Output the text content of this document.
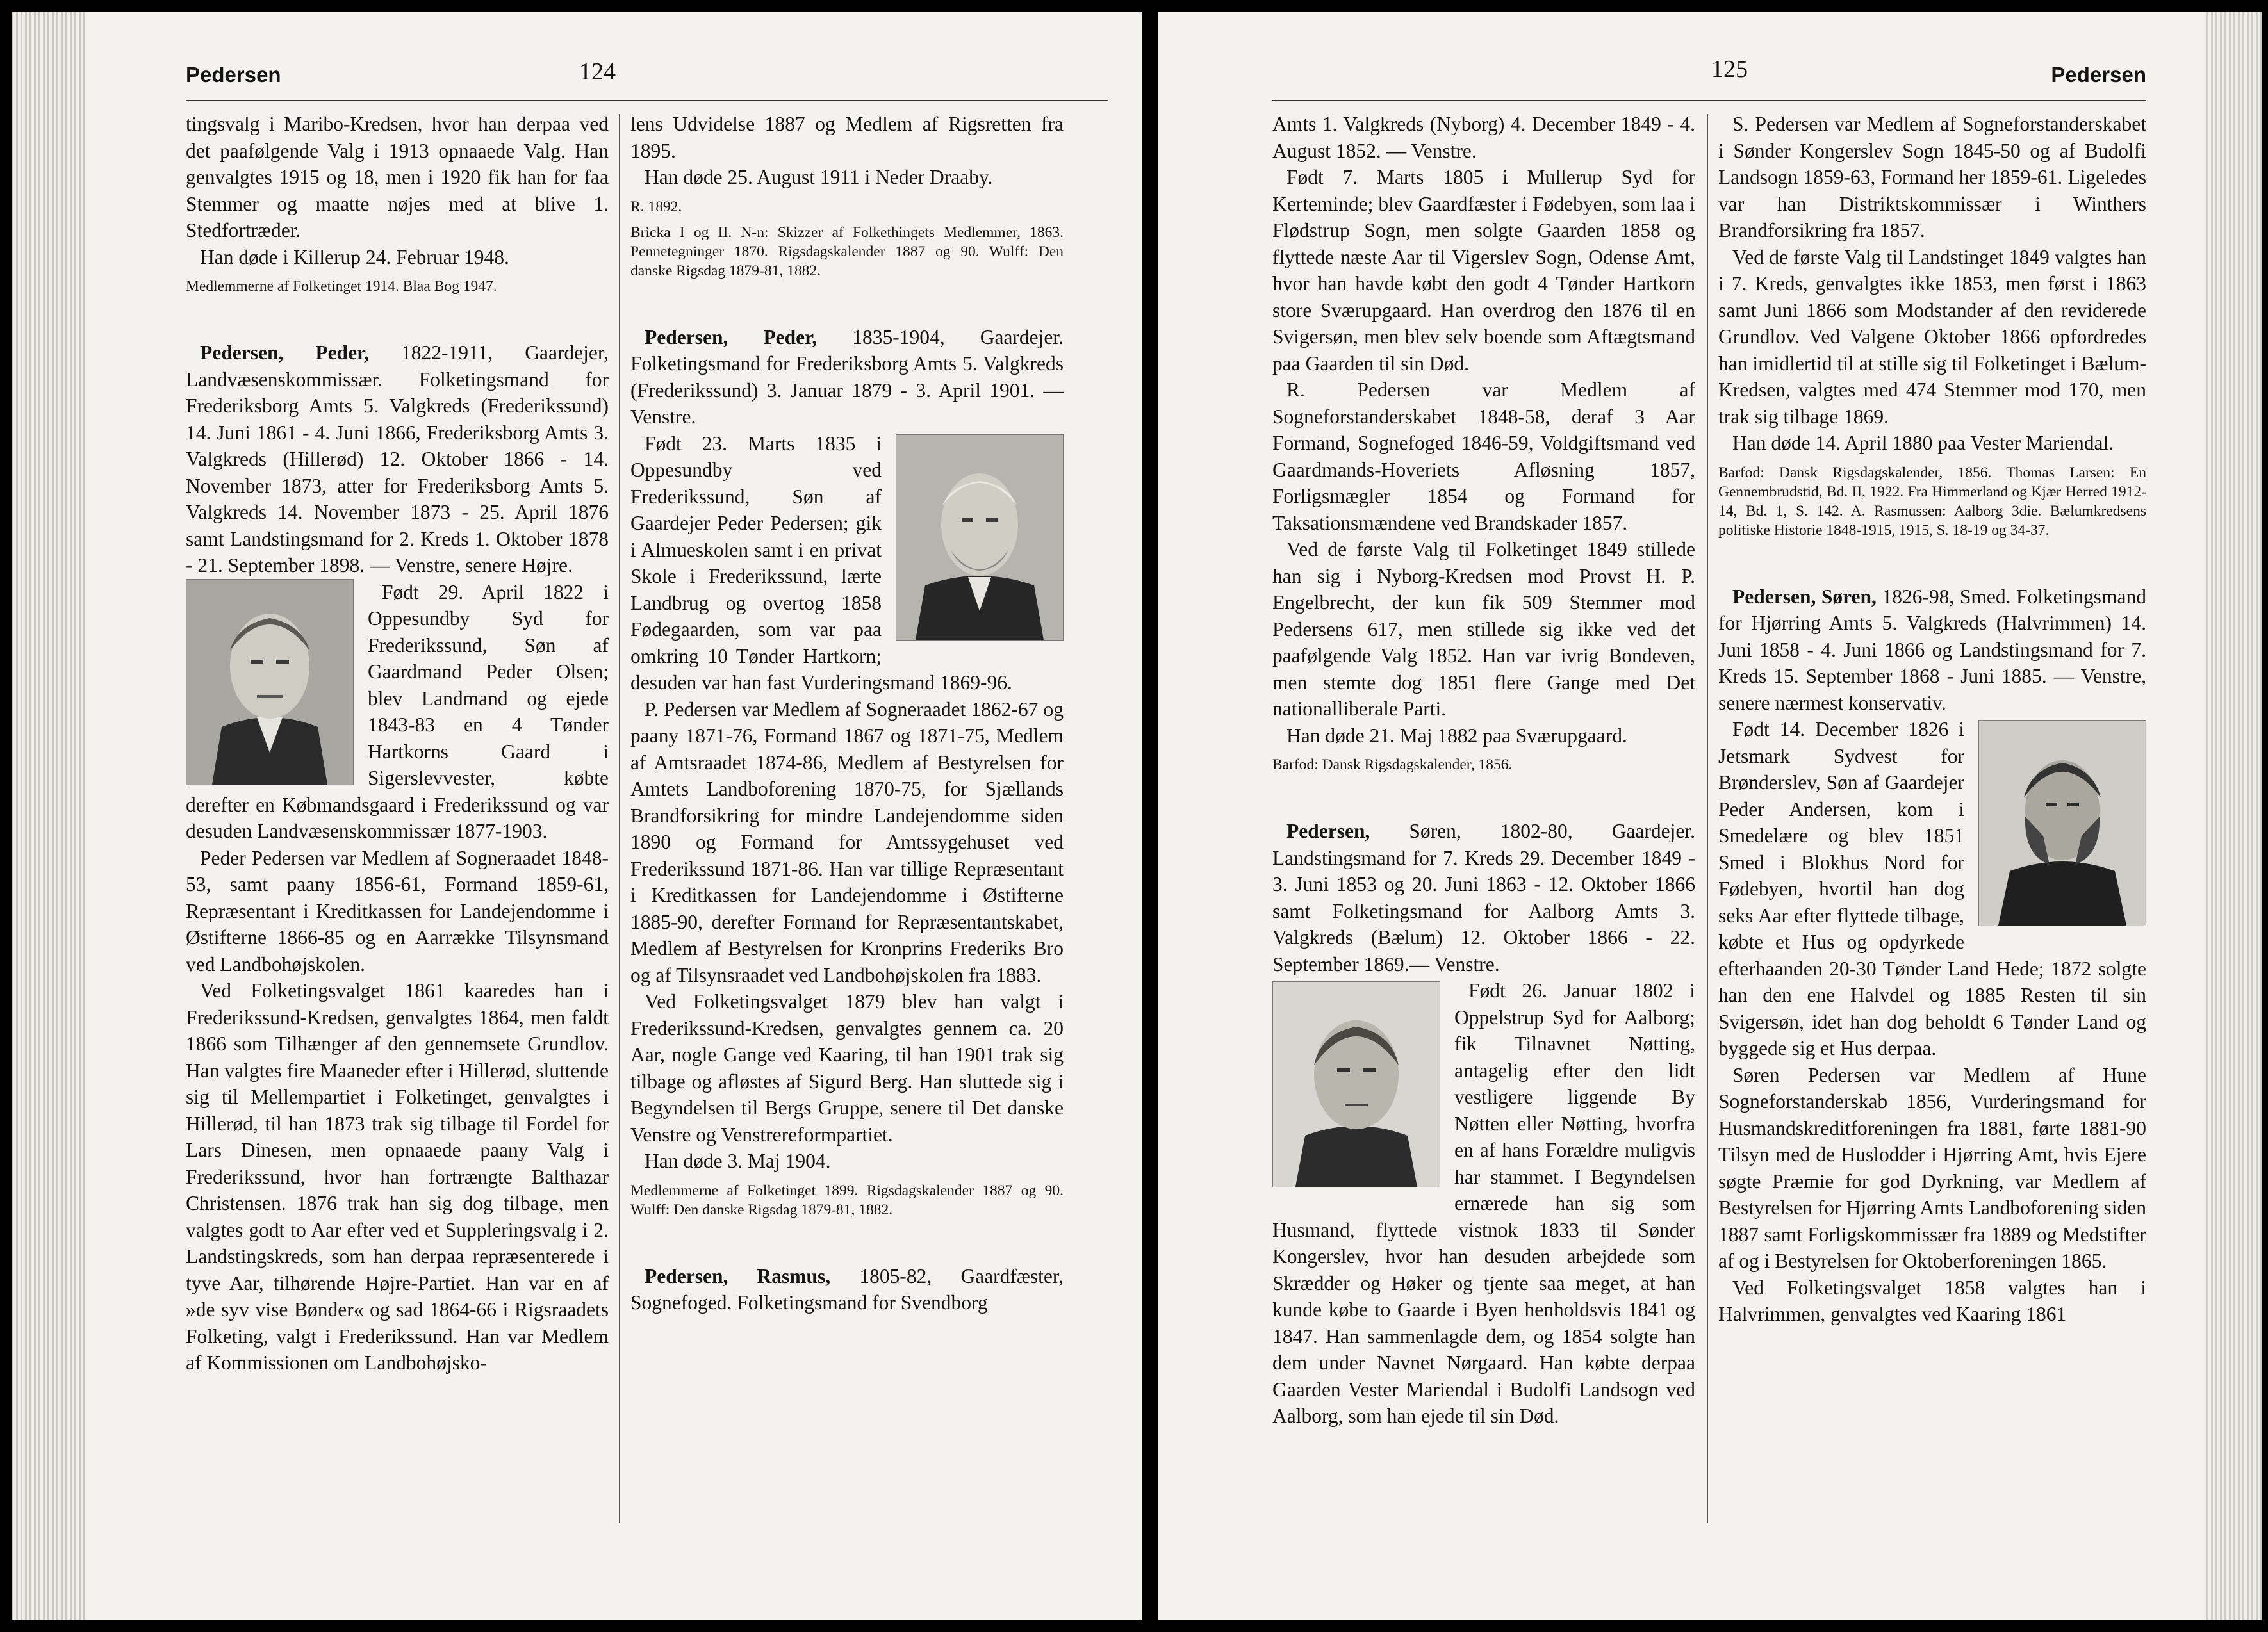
Pedersen	124

tingsvalg i Maribo-Kredsen, hvor han derpaa ved det paafølgende Valg i 1913 opnaaede Valg. Han genvalgtes 1915 og 18, men i 1920 fik han for faa Stemmer og maatte nøjes med at blive 1. Stedfortræder.

Han døde i Killerup 24. Februar 1948.

Medlemmerne af Folketinget 1914. Blaa Bog 1947.

Pedersen, Peder, 1822-1911, Gaardejer, Landvæsenskommissær. Folketingsmand for Frederiksborg Amts 5. Valgkreds (Frederikssund) 14. Juni 1861 - 4. Juni 1866, Frederiksborg Amts 3. Valgkreds (Hillerød) 12. Oktober 1866 - 14. November 1873, atter for Frederiksborg Amts 5. Valgkreds 14. November 1873 - 25. April 1876 samt Landstingsmand for 2. Kreds 1. Oktober 1878 - 21. September 1898. — Venstre, senere Højre.

Født 29. April 1822 i Oppesundby Syd for Frederikssund, Søn af Gaardmand Peder Olsen; blev Landmand og ejede 1843-83 en 4 Tønder Hartkorns Gaard i Sigerslevvester, købte derefter en Købmandsgaard i Frederikssund og var desuden Landvæsenskommissær 1877-1903.

Peder Pedersen var Medlem af Sogneraadet 1848-53, samt paany 1856-61, Formand 1859-61, Repræsentant i Kreditkassen for Landejendomme i Østifterne 1866-85 og en Aarrække Tilsynsmand ved Landbohøjskolen.

Ved Folketingsvalget 1861 kaaredes han i Frederikssund-Kredsen, genvalgtes 1864, men faldt 1866 som Tilhænger af den gennemsete Grundlov. Han valgtes fire Maaneder efter i Hillerød, sluttende sig til Mellempartiet i Folketinget, genvalgtes i Hillerød, til han 1873 trak sig tilbage til Fordel for Lars Dinesen, men opnaaede paany Valg i Frederikssund, hvor han fortrængte Balthazar Christensen. 1876 trak han sig dog tilbage, men valgtes godt to Aar efter ved et Suppleringsvalg i 2. Landstingskreds, som han derpaa repræsenterede i tyve Aar, tilhørende Højre-Partiet. Han var en af »de syv vise Bønder« og sad 1864-66 i Rigsraadets Folketing, valgt i Frederikssund. Han var Medlem af Kommissionen om Landbohøjsko-

lens Udvidelse 1887 og Medlem af Rigsretten fra 1895.

Han døde 25. August 1911 i Neder Draaby.

R. 1892.

Bricka I og II. N-n: Skizzer af Folkethingets Medlemmer, 1863. Pennetegninger 1870. Rigsdagskalender 1887 og 90. Wulff: Den danske Rigsdag 1879-81, 1882.

Pedersen, Peder, 1835-1904, Gaardejer. Folketingsmand for Frederiksborg Amts 5. Valgkreds (Frederikssund) 3. Januar 1879 - 3. April 1901. — Venstre.

Født 23. Marts 1835 i Oppesundby ved Frederikssund, Søn af Gaardejer Peder Pedersen; gik i Almueskolen samt i en privat Skole i Frederikssund, lærte Landbrug og overtog 1858 Fødegaarden, som var paa omkring 10 Tønder Hartkorn; desuden var han fast Vurderingsmand 1869-96.

P. Pedersen var Medlem af Sogneraadet 1862-67 og paany 1871-76, Formand 1867 og 1871-75, Medlem af Amtsraadet 1874-86, Medlem af Bestyrelsen for Amtets Landboforening 1870-75, for Sjællands Brandforsikring for mindre Landejendomme siden 1890 og Formand for Amtssygehuset ved Frederikssund 1871-86. Han var tillige Repræsentant i Kreditkassen for Landejendomme i Østifterne 1885-90, derefter Formand for Repræsentantskabet, Medlem af Bestyrelsen for Kronprins Frederiks Bro og af Tilsynsraadet ved Landbohøjskolen fra 1883.

Ved Folketingsvalget 1879 blev han valgt i Frederikssund-Kredsen, genvalgtes gennem ca. 20 Aar, nogle Gange ved Kaaring, til han 1901 trak sig tilbage og afløstes af Sigurd Berg. Han sluttede sig i Begyndelsen til Bergs Gruppe, senere til Det danske Venstre og Venstrereformpartiet.

Han døde 3. Maj 1904.

Medlemmerne af Folketinget 1899. Rigsdagskalender 1887 og 90. Wulff: Den danske Rigsdag 1879-81, 1882.

Pedersen, Rasmus, 1805-82, Gaardfæster, Sognefoged. Folketingsmand for Svendborg

125	Pedersen

Amts 1. Valgkreds (Nyborg) 4. December 1849 - 4. August 1852. — Venstre.

Født 7. Marts 1805 i Mullerup Syd for Kerteminde; blev Gaardfæster i Fødebyen, som laa i Flødstrup Sogn, men solgte Gaarden 1858 og flyttede næste Aar til Vigerslev Sogn, Odense Amt, hvor han havde købt den godt 4 Tønder Hartkorn store Sværupgaard. Han overdrog den 1876 til en Svigersøn, men blev selv boende som Aftægtsmand paa Gaarden til sin Død.

R. Pedersen var Medlem af Sogneforstanderskabet 1848-58, deraf 3 Aar Formand, Sognefoged 1846-59, Voldgiftsmand ved Gaardmands-Hoveriets Afløsning 1857, Forligsmægler 1854 og Formand for Taksationsmændene ved Brandskader 1857.

Ved de første Valg til Folketinget 1849 stillede han sig i Nyborg-Kredsen mod Provst H. P. Engelbrecht, der kun fik 509 Stemmer mod Pedersens 617, men stillede sig ikke ved det paafølgende Valg 1852. Han var ivrig Bondeven, men stemte dog 1851 flere Gange med Det nationalliberale Parti.

Han døde 21. Maj 1882 paa Sværupgaard.

Barfod: Dansk Rigsdagskalender, 1856.

Pedersen, Søren, 1802-80, Gaardejer. Landstingsmand for 7. Kreds 29. December 1849 - 3. Juni 1853 og 20. Juni 1863 - 12. Oktober 1866 samt Folketingsmand for Aalborg Amts 3. Valgkreds (Bælum) 12. Oktober 1866 - 22. September 1869.— Venstre.

Født 26. Januar 1802 i Oppelstrup Syd for Aalborg; fik Tilnavnet Nøtting, antagelig efter den lidt vestligere liggende By Nøtten eller Nøtting, hvorfra en af hans Forældre muligvis har stammet. I Begyndelsen ernærede han sig som Husmand, flyttede vistnok 1833 til Sønder Kongerslev, hvor han desuden arbejdede som Skrædder og Høker og tjente saa meget, at han kunde købe to Gaarde i Byen henholdsvis 1841 og 1847. Han sammenlagde dem, og 1854 solgte han dem under Navnet Nørgaard. Han købte derpaa Gaarden Vester Mariendal i Budolfi Landsogn ved Aalborg, som han ejede til sin Død.

S. Pedersen var Medlem af Sogneforstanderskabet i Sønder Kongerslev Sogn 1845-50 og af Budolfi Landsogn 1859-63, Formand her 1859-61. Ligeledes var han Distriktskommissær i Winthers Brandforsikring fra 1857.

Ved de første Valg til Landstinget 1849 valgtes han i 7. Kreds, genvalgtes ikke 1853, men først i 1863 samt Juni 1866 som Modstander af den reviderede Grundlov. Ved Valgene Oktober 1866 opfordredes han imidlertid til at stille sig til Folketinget i Bælum-Kredsen, valgtes med 474 Stemmer mod 170, men trak sig tilbage 1869.

Han døde 14. April 1880 paa Vester Mariendal.

Barfod: Dansk Rigsdagskalender, 1856. Thomas Larsen: En Gennembrudstid, Bd. II, 1922. Fra Himmerland og Kjær Herred 1912-14, Bd. 1, S. 142. A. Rasmussen: Aalborg 3die. Bælumkredsens politiske Historie 1848-1915, 1915, S. 18-19 og 34-37.

Pedersen, Søren, 1826-98, Smed. Folketingsmand for Hjørring Amts 5. Valgkreds (Halvrimmen) 14. Juni 1858 - 4. Juni 1866 og Landstingsmand for 7. Kreds 15. September 1868 - Juni 1885. — Venstre, senere nærmest konservativ.

Født 14. December 1826 i Jetsmark Sydvest for Brønderslev, Søn af Gaardejer Peder Andersen, kom i Smedelære og blev 1851 Smed i Blokhus Nord for Fødebyen, hvortil han dog seks Aar efter flyttede tilbage, købte et Hus og opdyrkede efterhaanden 20-30 Tønder Land Hede; 1872 solgte han den ene Halvdel og 1885 Resten til sin Svigersøn, idet han dog beholdt 6 Tønder Land og byggede sig et Hus derpaa.

Søren Pedersen var Medlem af Hune Sogneforstanderskab 1856, Vurderingsmand for Husmandskreditforeningen fra 1881, førte 1881-90 Tilsyn med de Huslodder i Hjørring Amt, hvis Ejere søgte Præmie for god Dyrkning, var Medlem af Bestyrelsen for Hjørring Amts Landboforening siden 1887 samt Forligskommissær fra 1889 og Medstifter af og i Bestyrelsen for Oktoberforeningen 1865.

Ved Folketingsvalget 1858 valgtes han i Halvrimmen, genvalgtes ved Kaaring 1861
